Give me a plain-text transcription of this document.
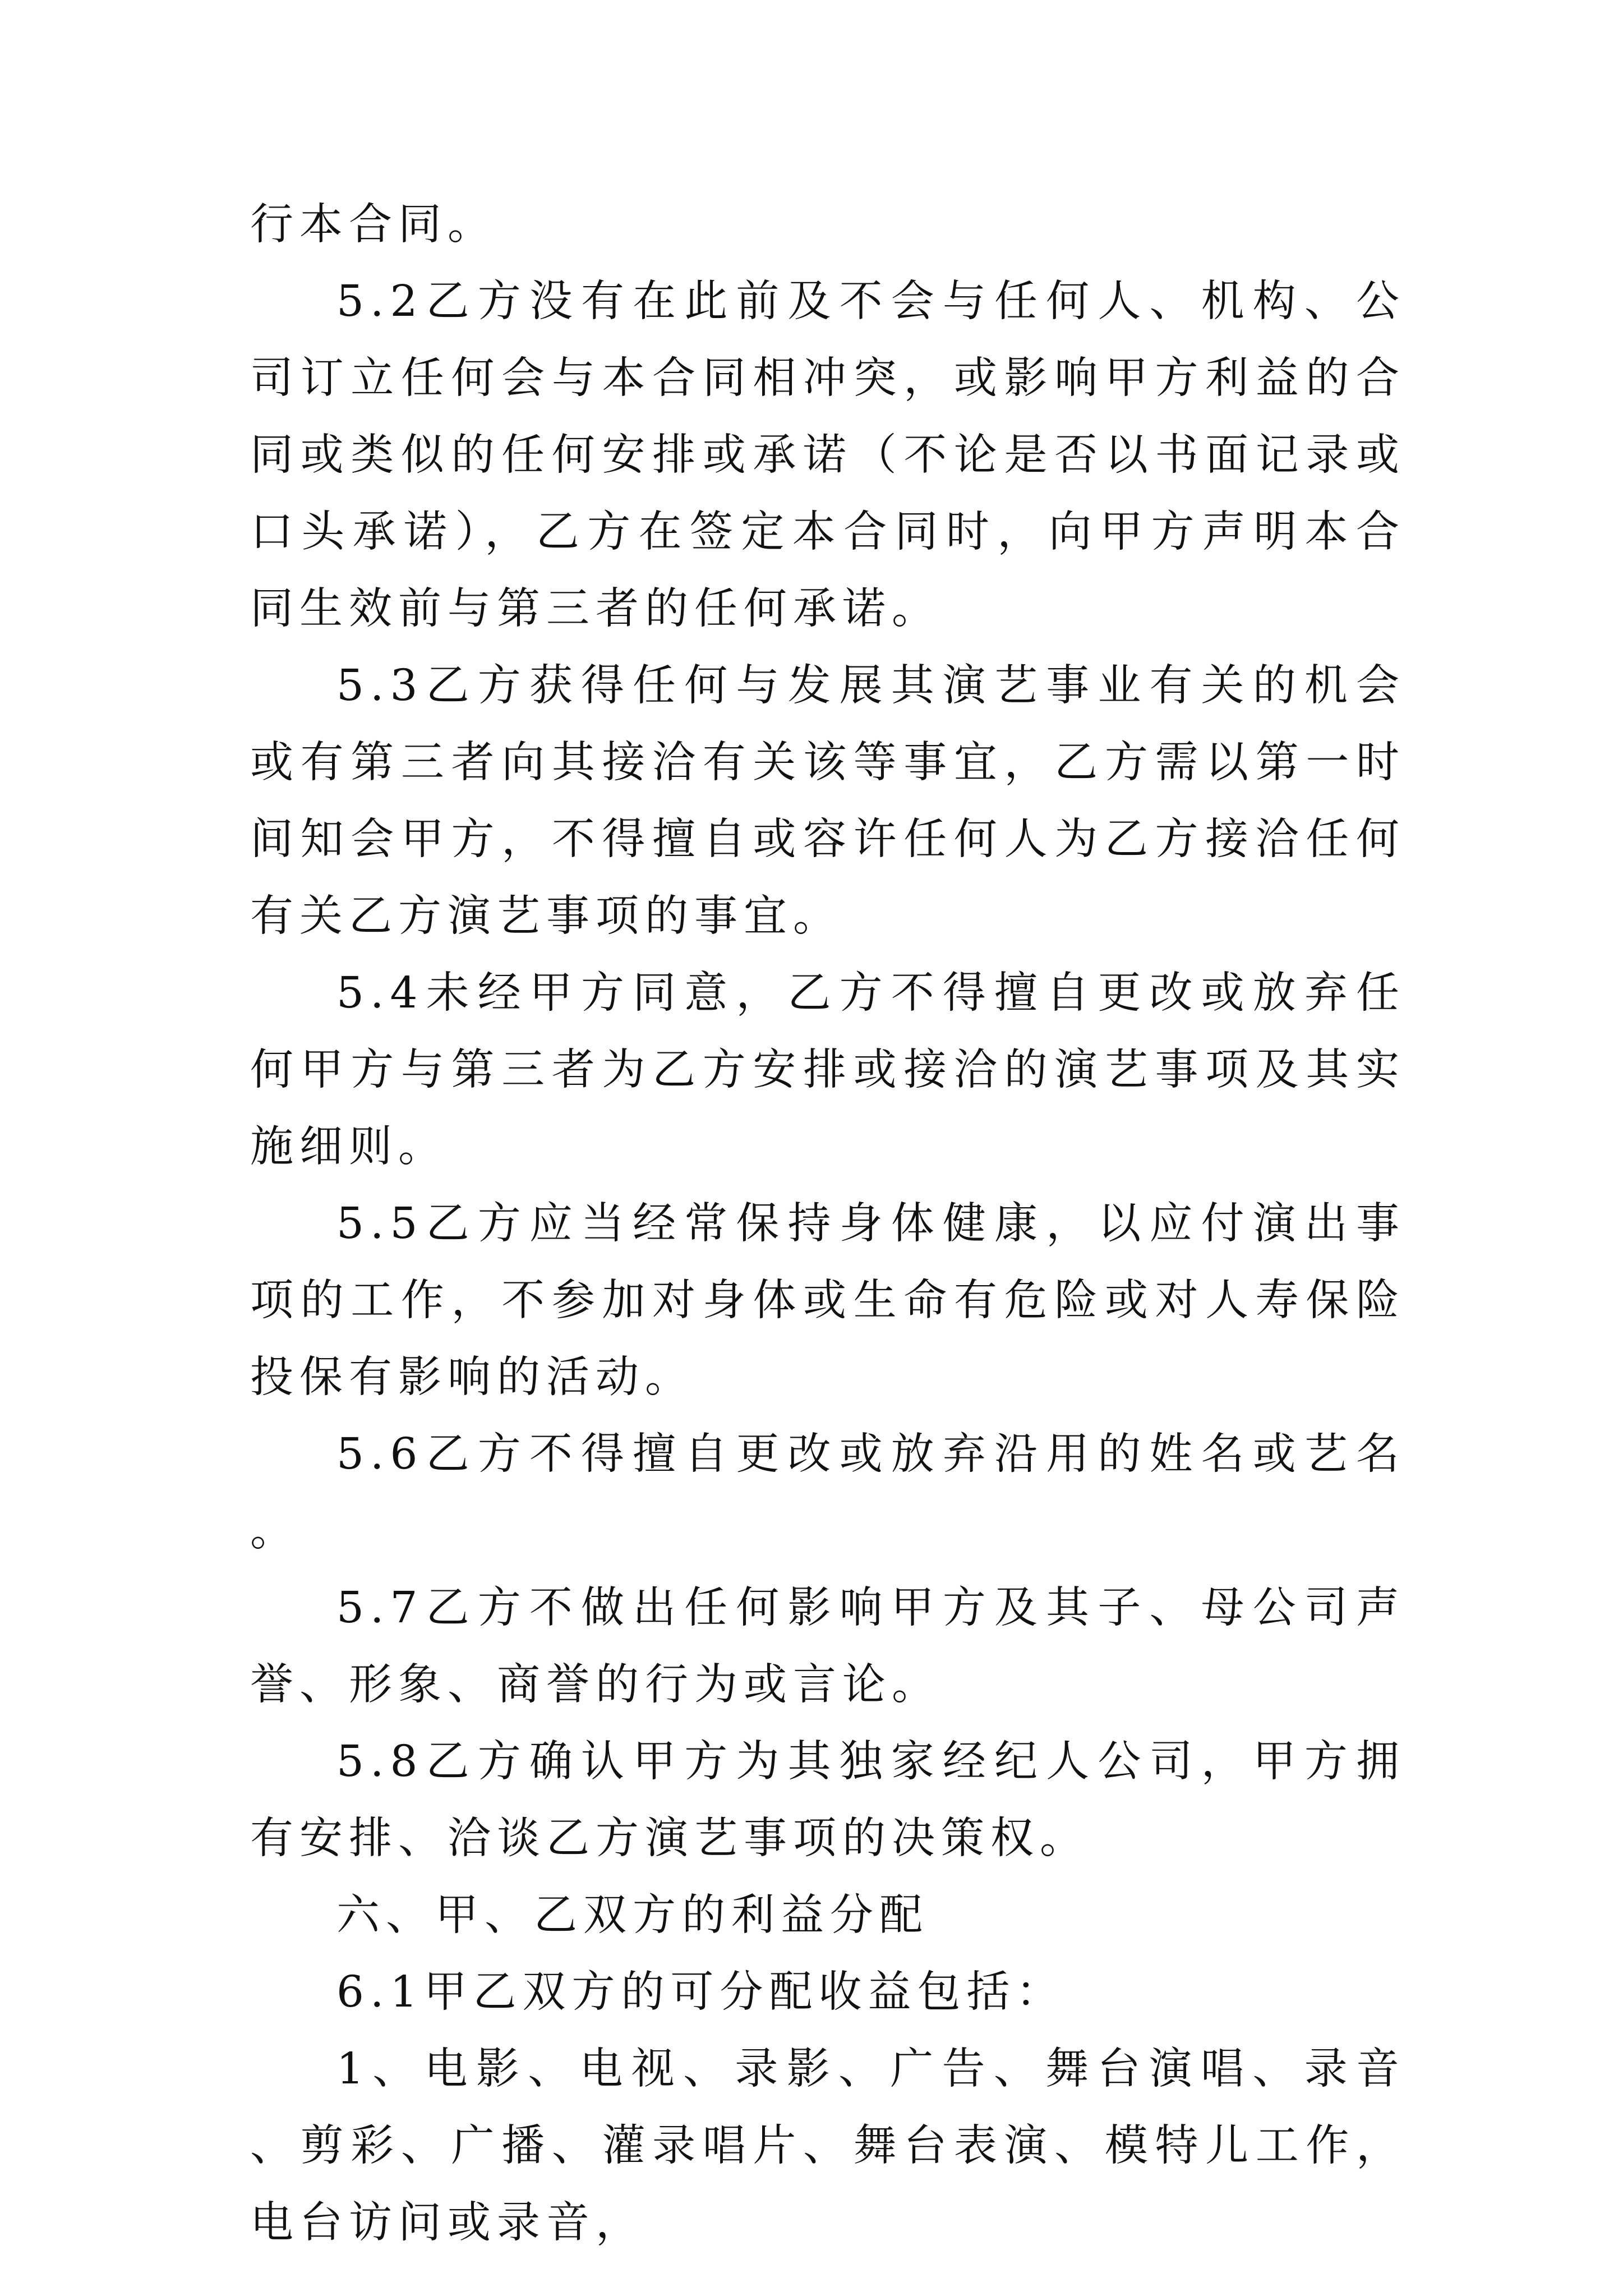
行本合同。

5.2乙方没有在此前及不会与任何人、机构、公司订立任何会与本合同相冲突，或影响甲方利益的合同或类似的任何安排或承诺（不论是否以书面记录或口头承诺），乙方在签定本合同时，向甲方声明本合同生效前与第三者的任何承诺。

5.3乙方获得任何与发展其演艺事业有关的机会或有第三者向其接洽有关该等事宜，乙方需以第一时间知会甲方，不得擅自或容许任何人为乙方接洽任何有关乙方演艺事项的事宜。

5.4未经甲方同意，乙方不得擅自更改或放弃任何甲方与第三者为乙方安排或接洽的演艺事项及其实施细则。

5.5乙方应当经常保持身体健康，以应付演出事项的工作，不参加对身体或生命有危险或对人寿保险投保有影响的活动。

5.6乙方不得擅自更改或放弃沿用的姓名或艺名。

5.7乙方不做出任何影响甲方及其子、母公司声誉、形象、商誉的行为或言论。

5.8乙方确认甲方为其独家经纪人公司，甲方拥有安排、洽谈乙方演艺事项的决策权。

六、甲、乙双方的利益分配

6.1甲乙双方的可分配收益包括：

1、电影、电视、录影、广告、舞台演唱、录音、剪彩、广播、灌录唱片、舞台表演、模特儿工作，电台访问或录音，
